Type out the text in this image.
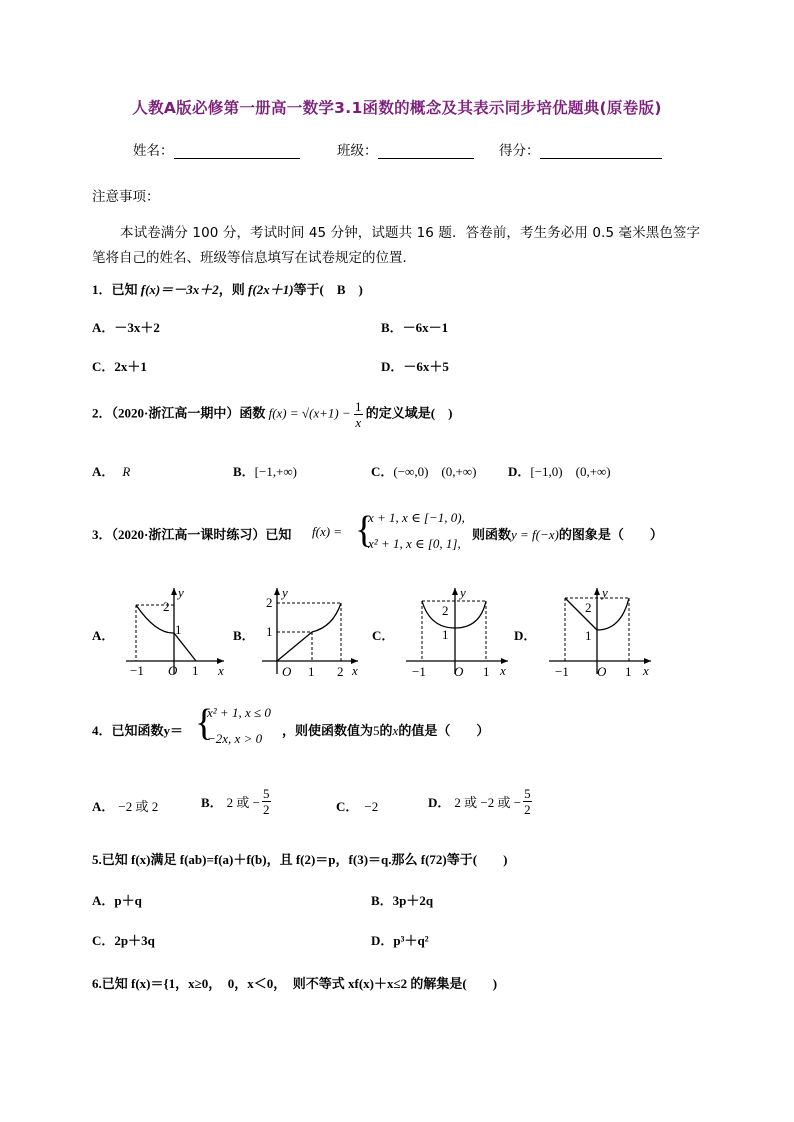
人教A版必修第一册高一数学3.1函数的概念及其表示同步培优题典(原卷版)
姓名：	班级：	得分：
注意事项：
本试卷满分 100 分，考试时间 45 分钟，试题共 16 题．答卷前，考生务必用 0.5 毫米黑色签字
笔将自己的姓名、班级等信息填写在试卷规定的位置．
1．已知 f(x)＝－3x＋2，则 f(2x＋1)等于(　B　)
A．－3x＋2	B．－6x－1
C．2x＋1	D．－6x＋5
2．（2020·浙江高一期中）函数 $f(x) = √(x+1) - \frac{1}{x}$ 的定义域是(　)
A． R	B．[−1,+∞)	C．(−∞,0)　(0,+∞) D．[−1,0)　(0,+∞)
3．（2020·浙江高一课时练习）已知 f(x) = {
x + 1, x ∈ [−1, 0),
x² + 1, x ∈ [0, 1],
则函数y = f(−x)的图象是（　　）
A．	B．	C．	D．
y
x
2
1
−1 O 1
y
x
2
1
O 1 2
y
x
2
1
−1 O 1
y
x
2
1
−1 O 1
4．已知函数y＝ {
x² + 1, x ≤ 0
−2x, x > 0
，则使函数值为5的x的值是（　　）
A． −2 或 2	B． 2 或 − $\frac{5}{2}$	C． −2	D． 2 或 −2 或 − $\frac{5}{2}$
5.已知 f(x)满足 f(ab)=f(a)＋f(b)，且 f(2)＝p，f(3)＝q.那么 f(72)等于(　　)
A．p＋q	B．3p＋2q
C．2p＋3q	D．p³＋q²
6.已知 f(x)＝{1，x≥0，　0，x＜0，　则不等式 xf(x)＋x≤2 的解集是(　　)
